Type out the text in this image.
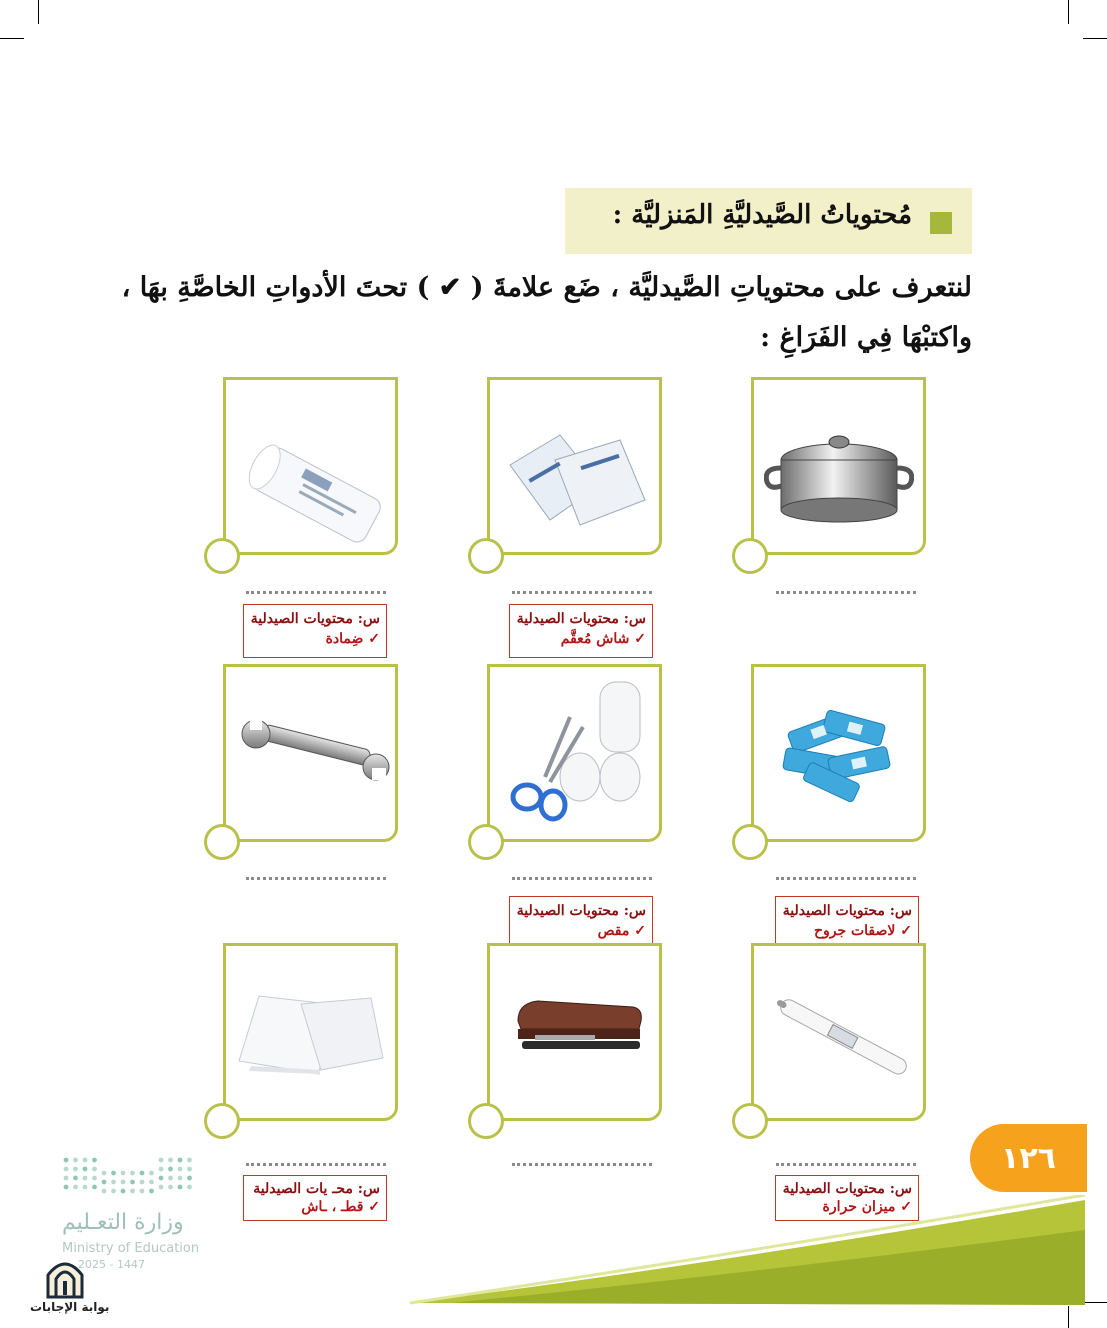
مُحتوياتُ الصَّيدليَّةِ المَنزليَّة :
لنتعرف على محتوياتِ الصَّيدليَّة ، ضَع علامةَ ( ✔ ) تحتَ الأدواتِ الخاصَّةِ بهَا ،
واكتبْهَا فِي الفَرَاغِ :
س: محتويات الصيدلية
✓ شاش مُعقَّم
س: محتويات الصيدلية
✓ ضِمادة
س: محتويات الصيدلية
✓ لاصقات جروح
س: محتويات الصيدلية
✓ مقص
س: محتويات الصيدلية
✓ ميزان حرارة
س: محـ يات الصيدلية
✓ قطـ ، ـاش
١٢٦
وزارة التعـليم
Ministry of Education
2025 - 1447
بوابة الإجابات
